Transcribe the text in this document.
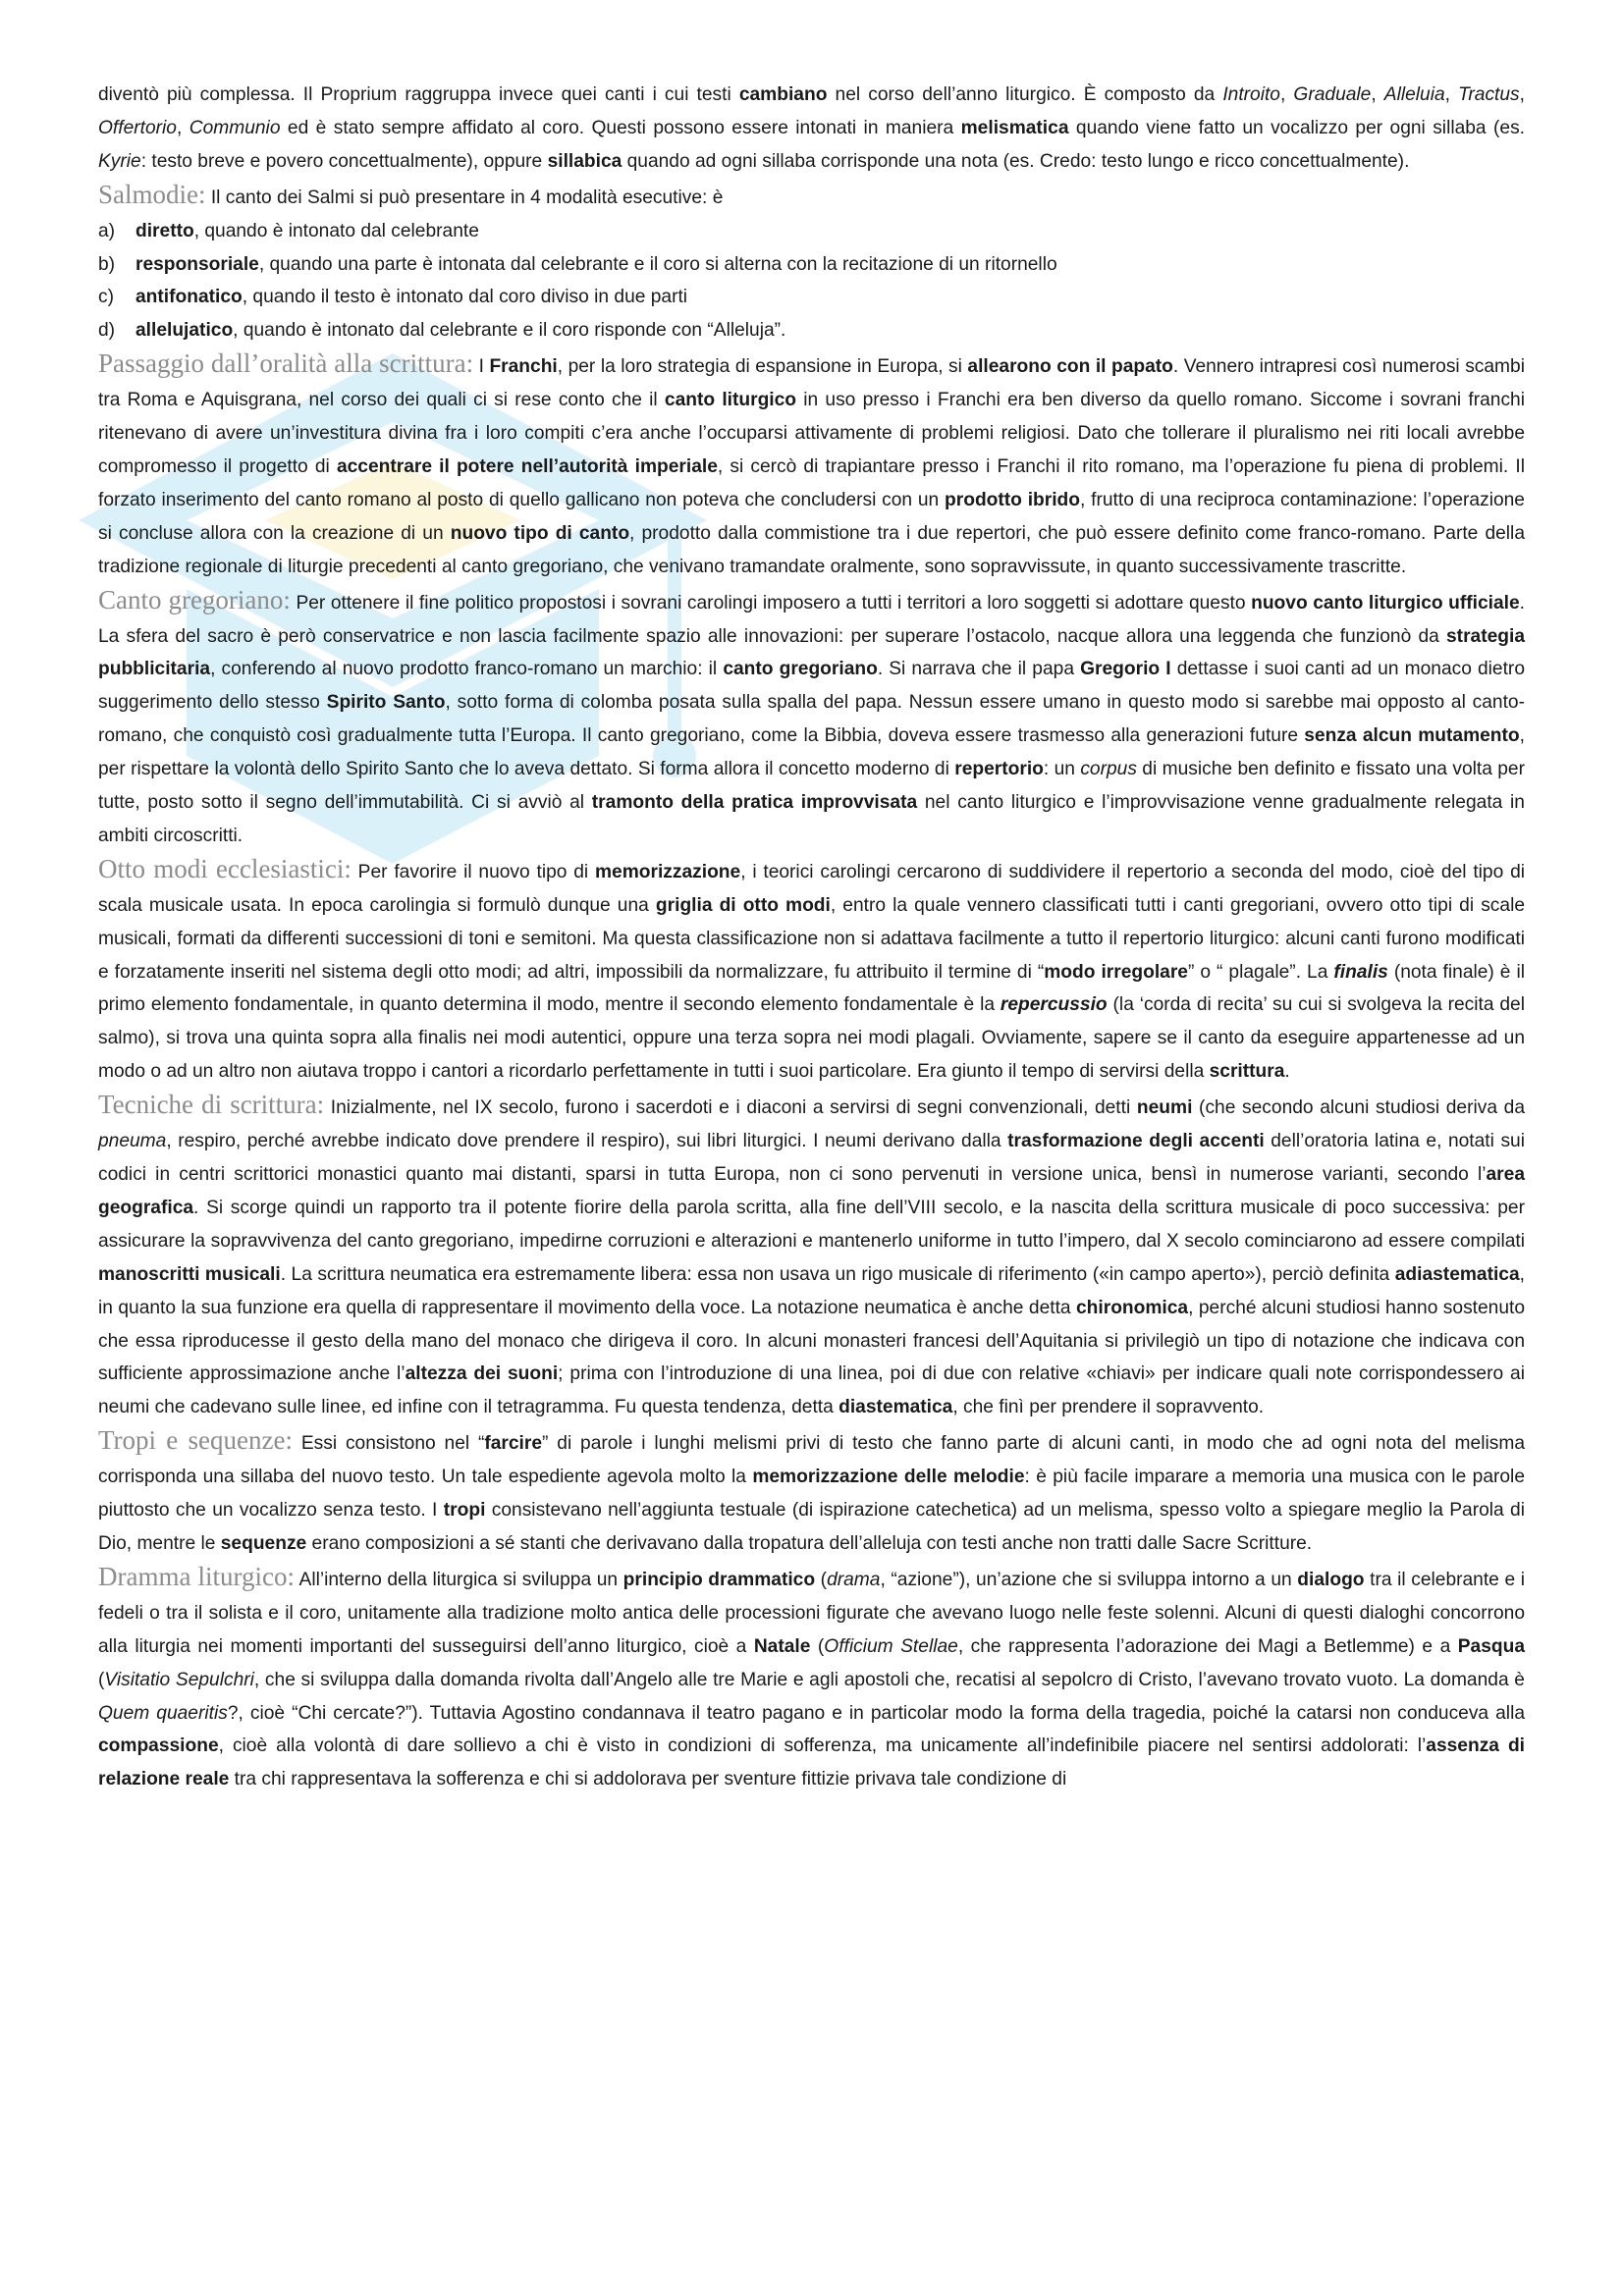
diventò più complessa. Il Proprium raggruppa invece quei canti i cui testi cambiano nel corso dell’anno liturgico. È composto da Introito, Graduale, Alleluia, Tractus, Offertorio, Communio ed è stato sempre affidato al coro. Questi possono essere intonati in maniera melismatica quando viene fatto un vocalizzo per ogni sillaba (es. Kyrie: testo breve e povero concettualmente), oppure sillabica quando ad ogni sillaba corrisponde una nota (es. Credo: testo lungo e ricco concettualmente).

Salmodie: Il canto dei Salmi si può presentare in 4 modalità esecutive: è

a) diretto, quando è intonato dal celebrante
b) responsoriale, quando una parte è intonata dal celebrante e il coro si alterna con la recitazione di un ritornello
c) antifonatico, quando il testo è intonato dal coro diviso in due parti
d) allelujatico, quando è intonato dal celebrante e il coro risponde con “Alleluja”.

Passaggio dall’oralità alla scrittura: I Franchi, per la loro strategia di espansione in Europa, si allearono con il papato. Vennero intrapresi così numerosi scambi tra Roma e Aquisgrana, nel corso dei quali ci si rese conto che il canto liturgico in uso presso i Franchi era ben diverso da quello romano. Siccome i sovrani franchi ritenevano di avere un’investitura divina fra i loro compiti c’era anche l’occuparsi attivamente di problemi religiosi. Dato che tollerare il pluralismo nei riti locali avrebbe compromesso il progetto di accentrare il potere nell’autorità imperiale, si cercò di trapiantare presso i Franchi il rito romano, ma l’operazione fu piena di problemi. Il forzato inserimento del canto romano al posto di quello gallicano non poteva che concludersi con un prodotto ibrido, frutto di una reciproca contaminazione: l’operazione si concluse allora con la creazione di un nuovo tipo di canto, prodotto dalla commistione tra i due repertori, che può essere definito come franco-romano. Parte della tradizione regionale di liturgie precedenti al canto gregoriano, che venivano tramandate oralmente, sono sopravvissute, in quanto successivamente trascritte.

Canto gregoriano: Per ottenere il fine politico propostosi i sovrani carolingi imposero a tutti i territori a loro soggetti si adottare questo nuovo canto liturgico ufficiale. La sfera del sacro è però conservatrice e non lascia facilmente spazio alle innovazioni: per superare l’ostacolo, nacque allora una leggenda che funzionò da strategia pubblicitaria, conferendo al nuovo prodotto franco-romano un marchio: il canto gregoriano. Si narrava che il papa Gregorio I dettasse i suoi canti ad un monaco dietro suggerimento dello stesso Spirito Santo, sotto forma di colomba posata sulla spalla del papa. Nessun essere umano in questo modo si sarebbe mai opposto al canto-romano, che conquistò così gradualmente tutta l’Europa. Il canto gregoriano, come la Bibbia, doveva essere trasmesso alla generazioni future senza alcun mutamento, per rispettare la volontà dello Spirito Santo che lo aveva dettato. Si forma allora il concetto moderno di repertorio: un corpus di musiche ben definito e fissato una volta per tutte, posto sotto il segno dell’immutabilità. Ci si avviò al tramonto della pratica improvvisata nel canto liturgico e l’improvvisazione venne gradualmente relegata in ambiti circoscritti.

Otto modi ecclesiastici: Per favorire il nuovo tipo di memorizzazione, i teorici carolingi cercarono di suddividere il repertorio a seconda del modo, cioè del tipo di scala musicale usata. In epoca carolingia si formulò dunque una griglia di otto modi, entro la quale vennero classificati tutti i canti gregoriani, ovvero otto tipi di scale musicali, formati da differenti successioni di toni e semitoni. Ma questa classificazione non si adattava facilmente a tutto il repertorio liturgico: alcuni canti furono modificati e forzatamente inseriti nel sistema degli otto modi; ad altri, impossibili da normalizzare, fu attribuito il termine di “modo irregolare” o “ plagale”. La finalis (nota finale) è il primo elemento fondamentale, in quanto determina il modo, mentre il secondo elemento fondamentale è la repercussio (la ‘corda di recita’ su cui si svolgeva la recita del salmo), si trova una quinta sopra alla finalis nei modi autentici, oppure una terza sopra nei modi plagali. Ovviamente, sapere se il canto da eseguire appartenesse ad un modo o ad un altro non aiutava troppo i cantori a ricordarlo perfettamente in tutti i suoi particolare. Era giunto il tempo di servirsi della scrittura.

Tecniche di scrittura: Inizialmente, nel IX secolo, furono i sacerdoti e i diaconi a servirsi di segni convenzionali, detti neumi (che secondo alcuni studiosi deriva da pneuma, respiro, perché avrebbe indicato dove prendere il respiro), sui libri liturgici. I neumi derivano dalla trasformazione degli accenti dell’oratoria latina e, notati sui codici in centri scrittorici monastici quanto mai distanti, sparsi in tutta Europa, non ci sono pervenuti in versione unica, bensì in numerose varianti, secondo l’area geografica. Si scorge quindi un rapporto tra il potente fiorire della parola scritta, alla fine dell’VIII secolo, e la nascita della scrittura musicale di poco successiva: per assicurare la sopravvivenza del canto gregoriano, impedirne corruzioni e alterazioni e mantenerlo uniforme in tutto l’impero, dal X secolo cominciarono ad essere compilati manoscritti musicali. La scrittura neumatica era estremamente libera: essa non usava un rigo musicale di riferimento («in campo aperto»), perciò definita adiastematica, in quanto la sua funzione era quella di rappresentare il movimento della voce. La notazione neumatica è anche detta chironomica, perché alcuni studiosi hanno sostenuto che essa riproducesse il gesto della mano del monaco che dirigeva il coro. In alcuni monasteri francesi dell’Aquitania si privilegiò un tipo di notazione che indicava con sufficiente approssimazione anche l’altezza dei suoni; prima con l’introduzione di una linea, poi di due con relative «chiavi» per indicare quali note corrispondessero ai neumi che cadevano sulle linee, ed infine con il tetragramma. Fu questa tendenza, detta diastematica, che finì per prendere il sopravvento.

Tropi e sequenze: Essi consistono nel “farcire” di parole i lunghi melismi privi di testo che fanno parte di alcuni canti, in modo che ad ogni nota del melisma corrisponda una sillaba del nuovo testo. Un tale espediente agevola molto la memorizzazione delle melodie: è più facile imparare a memoria una musica con le parole piuttosto che un vocalizzo senza testo. I tropi consistevano nell’aggiunta testuale (di ispirazione catechetica) ad un melisma, spesso volto a spiegare meglio la Parola di Dio, mentre le sequenze erano composizioni a sé stanti che derivavano dalla tropatura dell’alleluja con testi anche non tratti dalle Sacre Scritture.

Dramma liturgico: All’interno della liturgica si sviluppa un principio drammatico (drama, “azione”), un’azione che si sviluppa intorno a un dialogo tra il celebrante e i fedeli o tra il solista e il coro, unitamente alla tradizione molto antica delle processioni figurate che avevano luogo nelle feste solenni. Alcuni di questi dialoghi concorrono alla liturgia nei momenti importanti del susseguirsi dell’anno liturgico, cioè a Natale (Officium Stellae, che rappresenta l’adorazione dei Magi a Betlemme) e a Pasqua (Visitatio Sepulchri, che si sviluppa dalla domanda rivolta dall’Angelo alle tre Marie e agli apostoli che, recatisi al sepolcro di Cristo, l’avevano trovato vuoto. La domanda è Quem quaeritis?, cioè “Chi cercate?”). Tuttavia Agostino condannava il teatro pagano e in particolar modo la forma della tragedia, poiché la catarsi non conduceva alla compassione, cioè alla volontà di dare sollievo a chi è visto in condizioni di sofferenza, ma unicamente all’indefinibile piacere nel sentirsi addolorati: l’assenza di relazione reale tra chi rappresentava la sofferenza e chi si addolorava per sventure fittizie privava tale condizione di
